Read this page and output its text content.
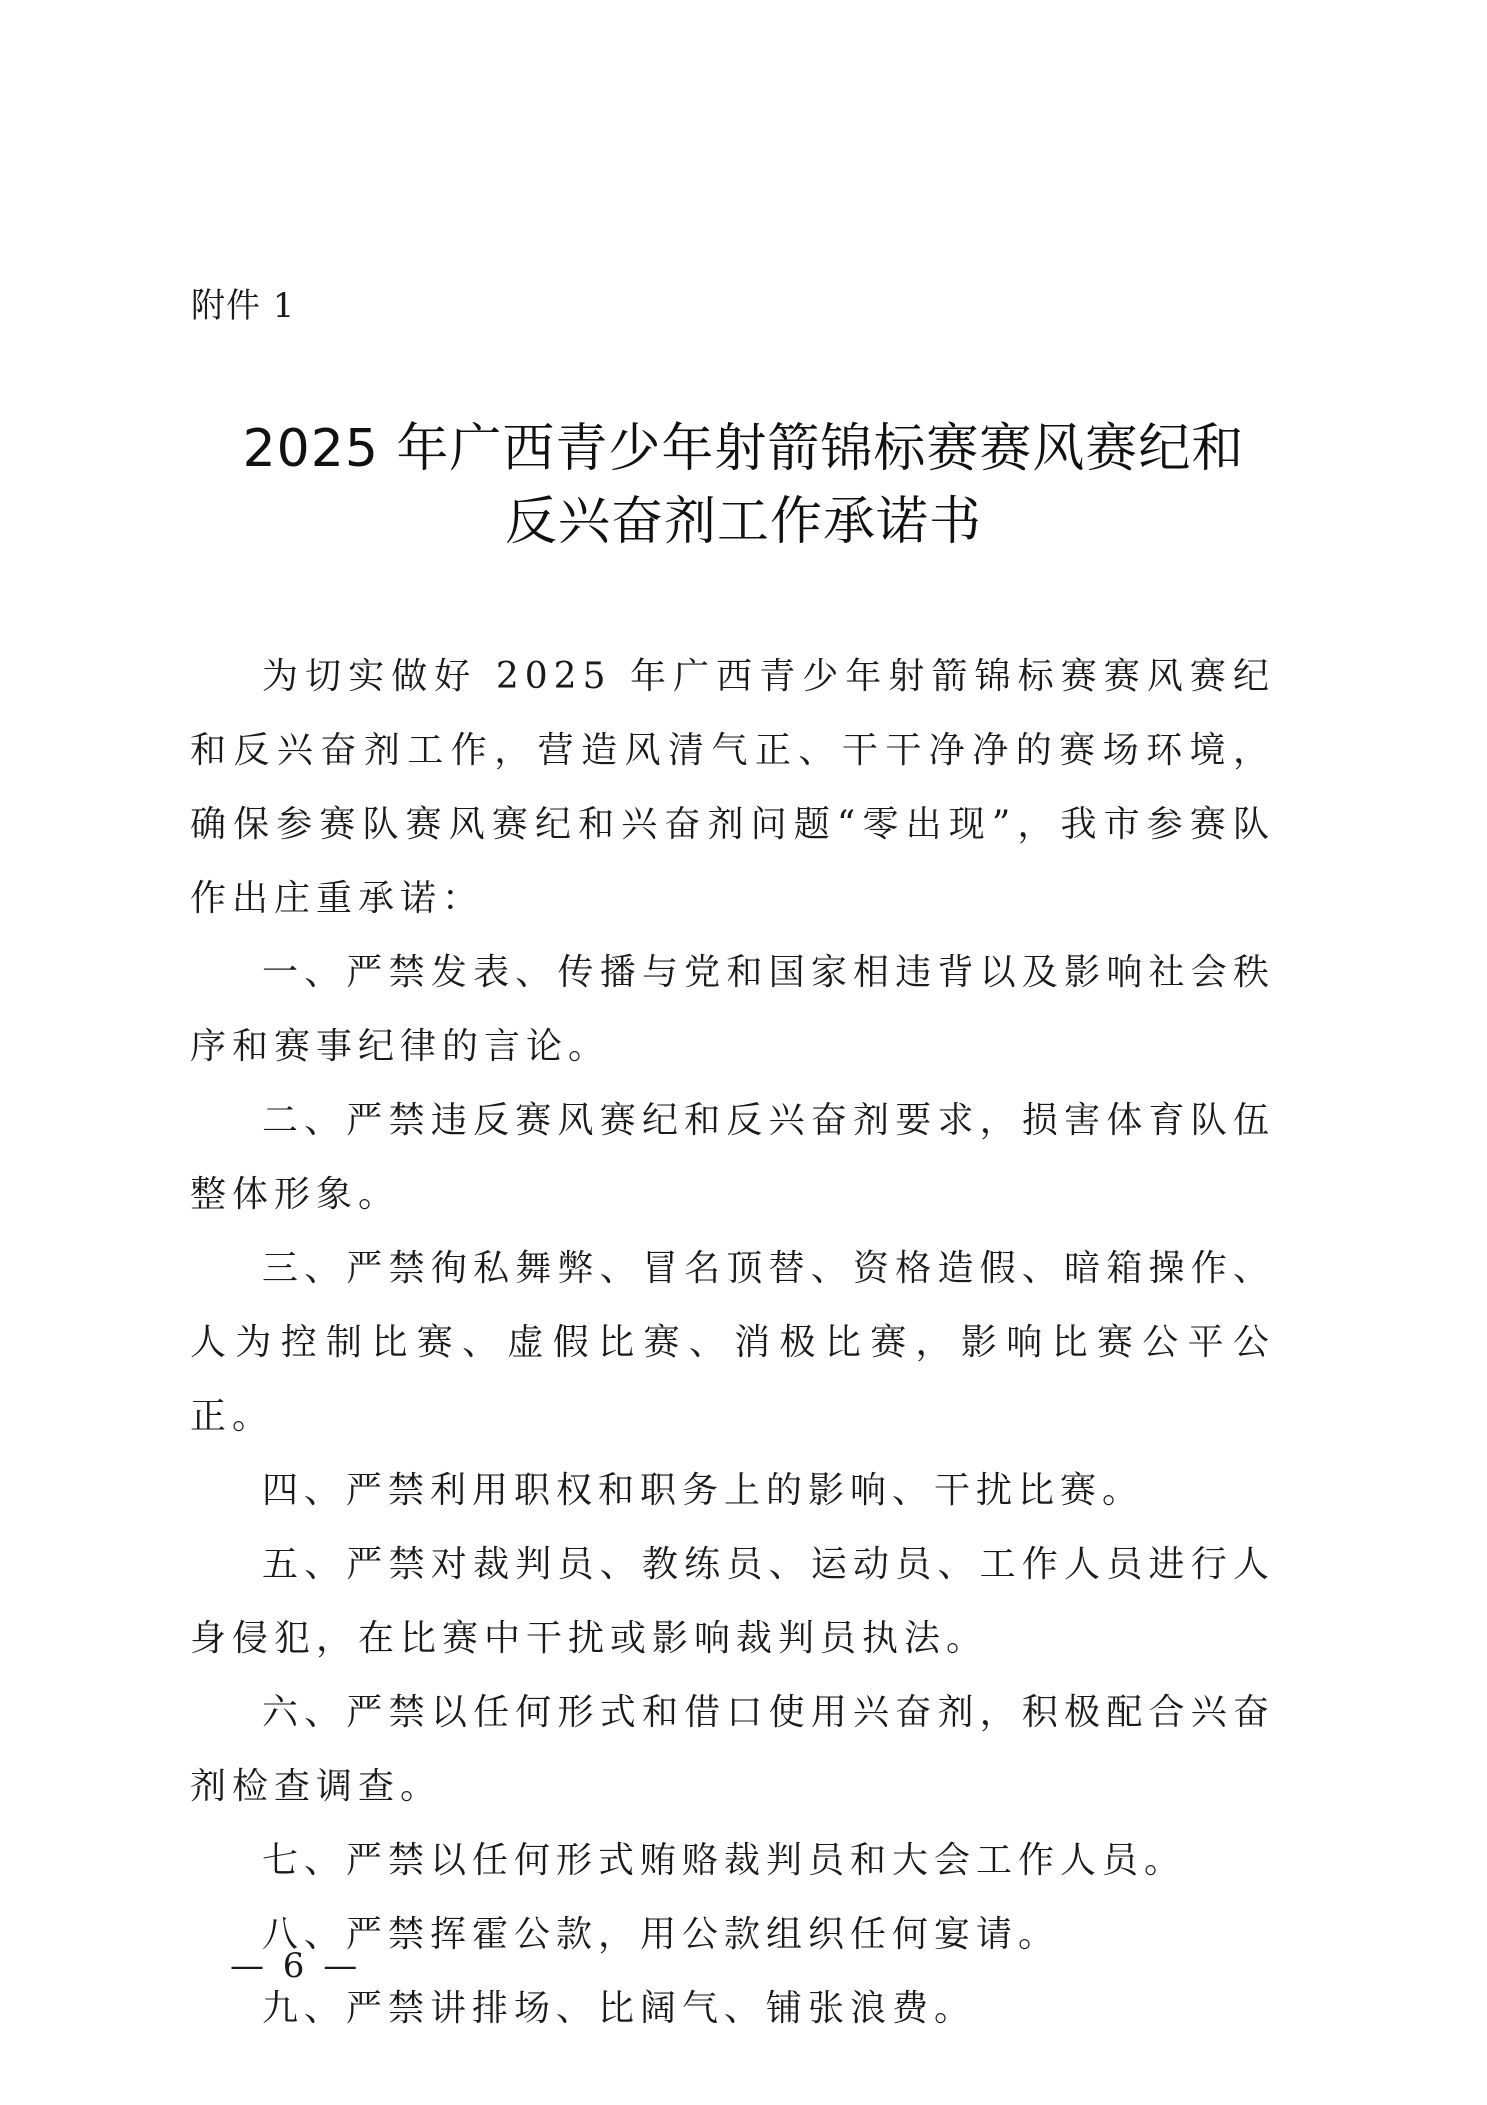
附件 1
2025 年广西青少年射箭锦标赛赛风赛纪和
反兴奋剂工作承诺书

为切实做好 2025 年广西青少年射箭锦标赛赛风赛纪和反兴奋剂工作，营造风清气正、干干净净的赛场环境，确保参赛队赛风赛纪和兴奋剂问题“零出现”，我市参赛队作出庄重承诺：

一、严禁发表、传播与党和国家相违背以及影响社会秩序和赛事纪律的言论。

二、严禁违反赛风赛纪和反兴奋剂要求，损害体育队伍整体形象。

三、严禁徇私舞弊、冒名顶替、资格造假、暗箱操作、人为控制比赛、虚假比赛、消极比赛，影响比赛公平公正。

四、严禁利用职权和职务上的影响、干扰比赛。

五、严禁对裁判员、教练员、运动员、工作人员进行人身侵犯，在比赛中干扰或影响裁判员执法。

六、严禁以任何形式和借口使用兴奋剂，积极配合兴奋剂检查调查。

七、严禁以任何形式贿赂裁判员和大会工作人员。

八、严禁挥霍公款，用公款组织任何宴请。

九、严禁讲排场、比阔气、铺张浪费。

— 6 —
